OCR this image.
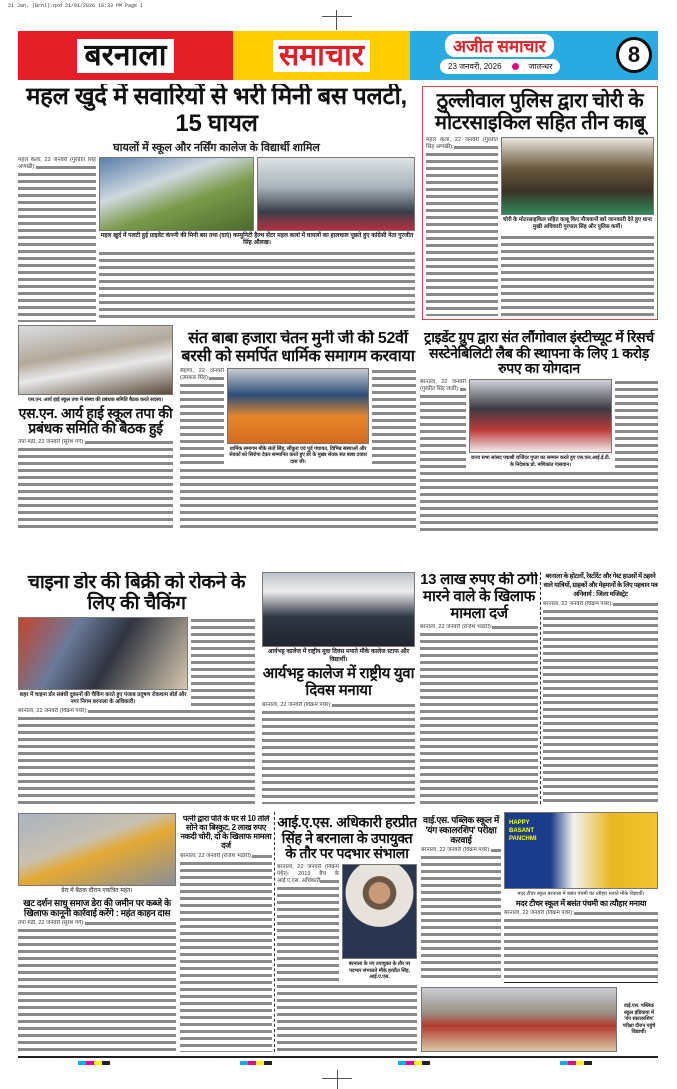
21 Jan. (Brnl).qxd 21/01/2026 10:33 PM Page 1
बरनाला	समाचार	अजीत समाचार
23 जनवरी, 2026	जालन्धर	8
महल खुर्द में सवारियों से भरी मिनी बस पलटी, 15 घायल
घायलों में स्कूल और नर्सिंग कालेज के विद्यार्थी शामिल
महल कलां, 22 जनवरी (गुरप्रीत सिंह अणखी):
महल खुर्द में पलटी हुई प्राइवेट कंपनी की मिनी बस तथा (दाएं) कम्युनिटी हैल्थ सेंटर महल कलां में घायलों का हालचाल पूछते हुए कांग्रेसी नेता गुरजीत सिंह औलख।
ठुल्लीवाल पुलिस द्वारा चोरी के मोटरसाइकिल सहित तीन काबू
महल कलां, 22 जनवरी (गुरप्रीत सिंह अणखी):
चोरी के मोटरसाइकिल सहित काबू किए नौजवानों बारे जानकारी देते हुए थाना मुखी अधिकारी गुरपाल सिंह और पुलिस कर्मी।
एस.एन. आर्य हाई स्कूल तपा में संस्था की प्रबंधक समिति बैठक करते सदस्य।
एस.एन. आर्य हाई स्कूल तपा की प्रबंधक समिति की बैठक हुई
तपा मंडी, 22 जनवरी (सुरेश गर्ग):
संत बाबा हजारा चेतन मुनी जी की 52वीं बरसी को समर्पित धार्मिक समागम करवाया
सैहणा, 22 जनवरी (उमकार सिंह):
धार्मिक समागम मौके संतों सिंह, सौंकुरा एवं पूर्व पंचायत, विभिन्न संस्थाओं और सेवकों को सिरोपा देकर सम्मानित करते हुए डेरे के मुख्य सेवक संत बाबा दयाल दास जी।
ट्राइडेंट ग्रुप द्वारा संत लौंगोवाल इंस्टीच्यूट में रिसर्च सस्टेनेबिलिटी लैब की स्थापना के लिए 1 करोड़ रुपए का योगदान
बरनाला, 22 जनवरी (गुरप्रीत सिंह लाडी):
राज्य सभा सांसद पद्मश्री राजिंदर गुप्ता का सम्मान करते हुए एस.एल.आई.ई.टी. के निदेशक प्रो. मणिकांत पासवान।
चाइना डोर की बिक्री को रोकने के लिए की चैकिंग
शहर में चाइना डोर संबंधी दुकानों की चैकिंग करते हुए पंजाब प्रदूषण रोकथाम बोर्ड और नगर निगम बरनाला के अधिकारी।
बरनाला, 22 जनवरी (विक्रम पंधेर):
आर्यभट्ट कालेज में राष्ट्रीय युवा दिवस मनाते मौके कालेज स्टाफ और विद्यार्थी।
आर्यभट्ट कालेज में राष्ट्रीय युवा दिवस मनाया
बरनाला, 22 जनवरी (विक्रम पंधेर):
13 लाख रुपए की ठगी मारने वाले के खिलाफ मामला दर्ज
बरनाला, 22 जनवरी (राजेश भंडारी):
बरनाला के होटलों, रेस्टोरेंट और गेस्ट हाउसों में ठहरने वाले यात्रियों, ग्राहकों और मेहमानों के लिए पहचान पत्र अनिवार्य : जिला मजिस्ट्रेट
बरनाला, 22 जनवरी (विक्रम पंधेर):
डेरा में बैठक दौरान एकत्रित महंत।
खट दर्शन साधु समाज डेरा की जमीन पर कब्जे के खिलाफ कानूनी कार्रवाई करेंगे : महंत काहन दास
तपा मंडी, 22 जनवरी (सुरेश गर्ग):
पत्नी द्वारा पति के घर से 10 तोले सोने का बिस्कुट, 2 लाख रुपए नकदी चोरी, दो के खिलाफ मामला दर्ज
बरनाला, 22 जनवरी (राजेश भंडारी):
आई.ए.एस. अधिकारी हरप्रीत सिंह ने बरनाला के उपायुक्त के तौर पर पदभार संभाला
बरनाला, 22 जनवरी (विक्रम पंधेर): 2019 बैच के आई.ए.एस. अधिकारी
बरनाला के नए उपायुक्त के तौर पर पदभार संभालते मौके हरप्रीत सिंह, आई.ए.एस.
वाई.एस. पब्लिक स्कूल में 'यंग स्कालरशिप' परीक्षा करवाई
बरनाला, 22 जनवरी (विक्रम पंधेर):
HAPPY BASANT PANCHMI
मदर टीचर स्कूल बरनाला में बसंत पंचमी का त्यौहार मनाते मौके विद्यार्थी।
मदर टीचर स्कूल में बसंत पंचमी का त्यौहार मनाया
बरनाला, 22 जनवरी (विक्रम पंधेर):
वाई.एस. पब्लिक स्कूल हंडियाया में 'यंग स्कालरशिप' परीक्षा दौरान पहुंचे विद्यार्थी।
